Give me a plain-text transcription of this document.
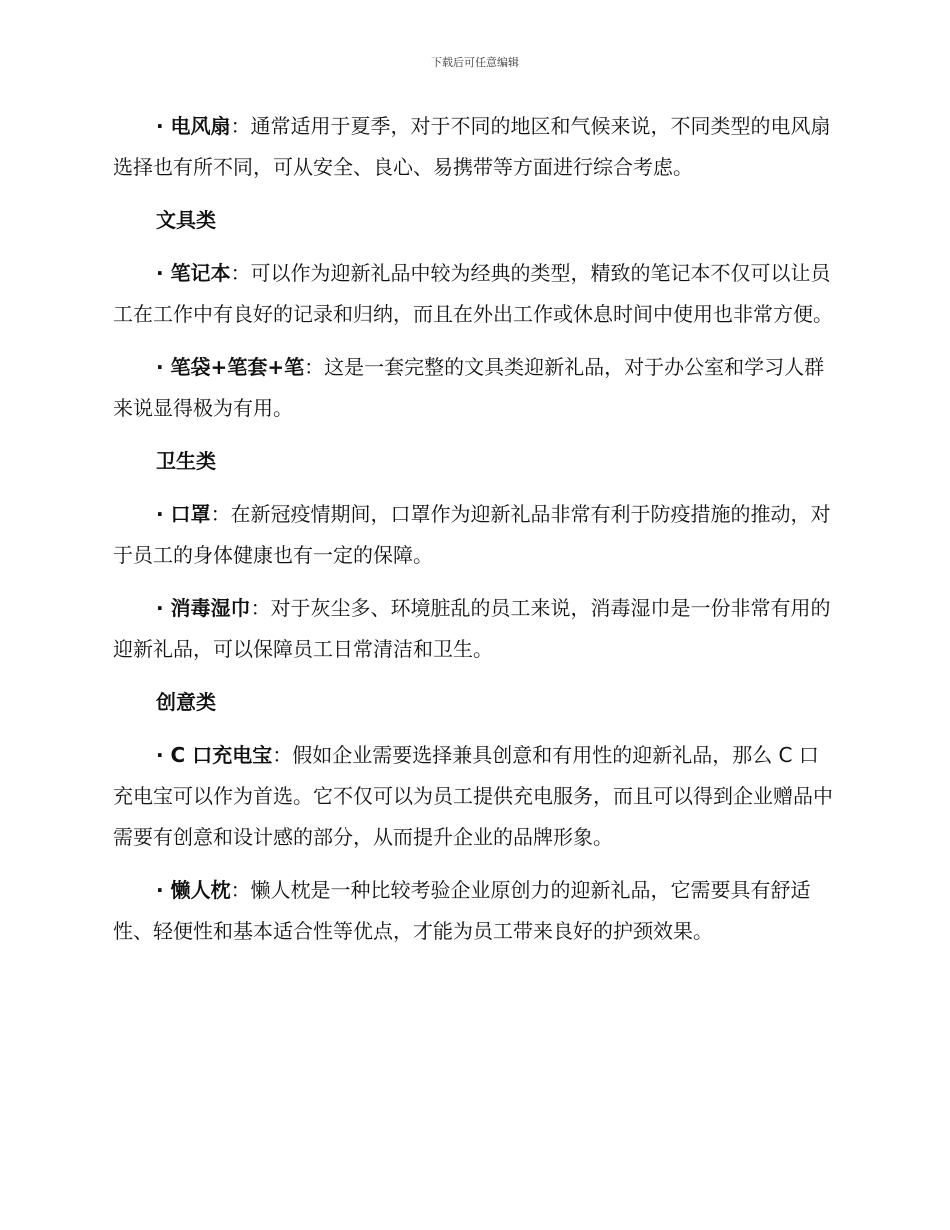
下载后可任意编辑

· 电风扇：通常适用于夏季，对于不同的地区和气候来说，不同类型的电风扇选择也有所不同，可从安全、良心、易携带等方面进行综合考虑。

文具类

· 笔记本：可以作为迎新礼品中较为经典的类型，精致的笔记本不仅可以让员工在工作中有良好的记录和归纳，而且在外出工作或休息时间中使用也非常方便。

· 笔袋+笔套+笔：这是一套完整的文具类迎新礼品，对于办公室和学习人群来说显得极为有用。

卫生类

· 口罩：在新冠疫情期间，口罩作为迎新礼品非常有利于防疫措施的推动，对于员工的身体健康也有一定的保障。

· 消毒湿巾：对于灰尘多、环境脏乱的员工来说，消毒湿巾是一份非常有用的迎新礼品，可以保障员工日常清洁和卫生。

创意类

· C 口充电宝：假如企业需要选择兼具创意和有用性的迎新礼品，那么 C 口充电宝可以作为首选。它不仅可以为员工提供充电服务，而且可以得到企业赠品中需要有创意和设计感的部分，从而提升企业的品牌形象。

· 懒人枕：懒人枕是一种比较考验企业原创力的迎新礼品，它需要具有舒适性、轻便性和基本适合性等优点，才能为员工带来良好的护颈效果。
